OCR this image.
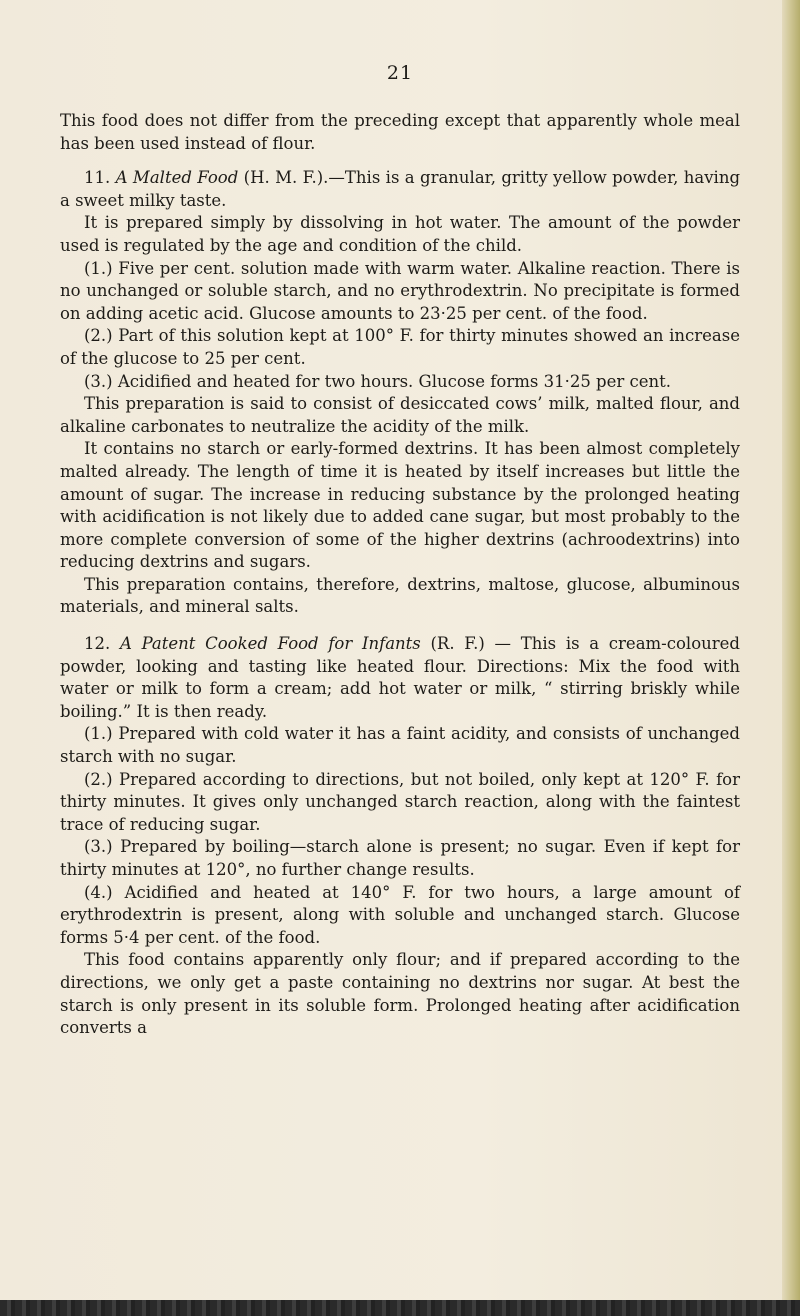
21

This food does not differ from the preceding except that apparently whole meal has been used instead of flour.

11. A Malted Food (H. M. F.).—This is a granular, gritty yellow powder, having a sweet milky taste.

It is prepared simply by dissolving in hot water. The amount of the powder used is regulated by the age and condition of the child.

(1.) Five per cent. solution made with warm water. Alkaline reaction. There is no unchanged or soluble starch, and no erythrodextrin. No precipitate is formed on adding acetic acid. Glucose amounts to 23·25 per cent. of the food.

(2.) Part of this solution kept at 100° F. for thirty minutes showed an increase of the glucose to 25 per cent.

(3.) Acidified and heated for two hours. Glucose forms 31·25 per cent.

This preparation is said to consist of desiccated cows’ milk, malted flour, and alkaline carbonates to neutralize the acidity of the milk.

It contains no starch or early-formed dextrins. It has been almost completely malted already. The length of time it is heated by itself increases but little the amount of sugar. The increase in reducing substance by the prolonged heating with acidification is not likely due to added cane sugar, but most probably to the more complete conversion of some of the higher dextrins (achroodextrins) into reducing dextrins and sugars.

This preparation contains, therefore, dextrins, maltose, glucose, albuminous materials, and mineral salts.

12. A Patent Cooked Food for Infants (R. F.) — This is a cream-coloured powder, looking and tasting like heated flour. Directions: Mix the food with water or milk to form a cream; add hot water or milk, “ stirring briskly while boiling.” It is then ready.

(1.) Prepared with cold water it has a faint acidity, and consists of unchanged starch with no sugar.

(2.) Prepared according to directions, but not boiled, only kept at 120° F. for thirty minutes. It gives only unchanged starch reaction, along with the faintest trace of reducing sugar.

(3.) Prepared by boiling—starch alone is present; no sugar. Even if kept for thirty minutes at 120°, no further change results.

(4.) Acidified and heated at 140° F. for two hours, a large amount of erythrodextrin is present, along with soluble and unchanged starch. Glucose forms 5·4 per cent. of the food.

This food contains apparently only flour; and if prepared according to the directions, we only get a paste containing no dextrins nor sugar. At best the starch is only present in its soluble form. Prolonged heating after acidification converts a
